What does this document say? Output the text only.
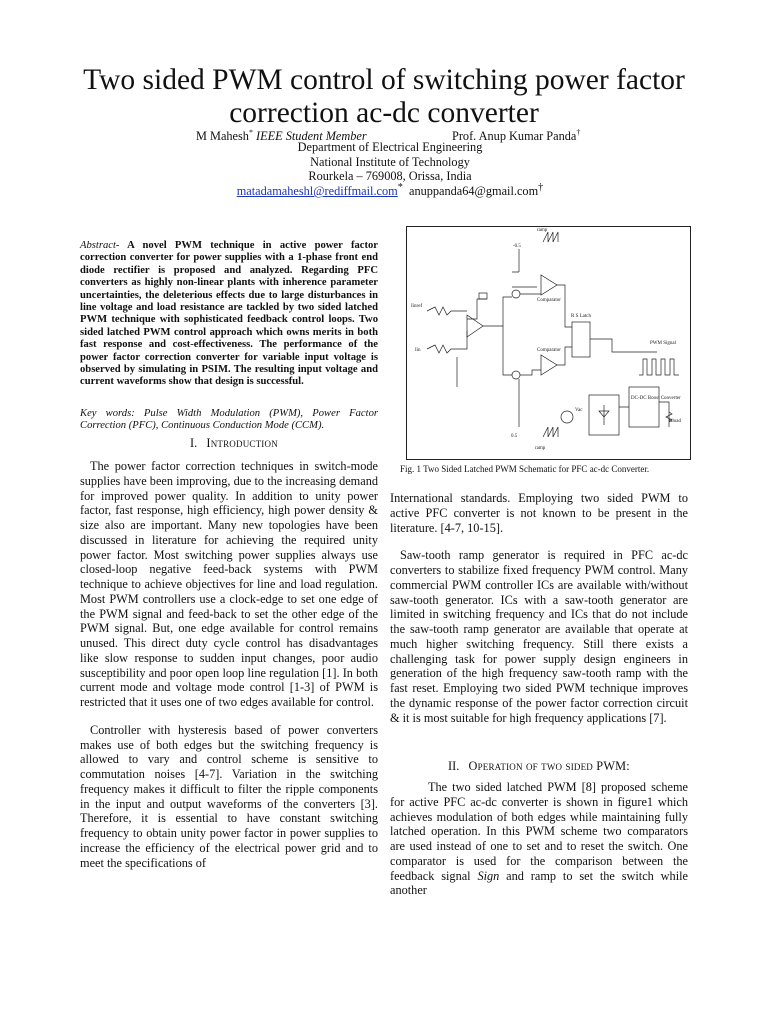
Two sided PWM control of switching power factor
correction ac-dc converter
M Mahesh* IEEE Student Member	Prof. Anup Kumar Panda†
Department of Electrical Engineering
National Institute of Technology
Rourkela – 769008, Orissa, India
matadamaheshl@rediffmail.com* anuppanda64@gmail.com†
Abstract- A novel PWM technique in active power factor correction converter for power supplies with a 1-phase front end diode rectifier is proposed and analyzed. Regarding PFC converters as highly non-linear plants with inherence parameter uncertainties, the deleterious effects due to large disturbances in line voltage and load resistance are tackled by two sided latched PWM technique with sophisticated feedback control loops. Two sided latched PWM control approach which owns merits in both fast response and cost-effectiveness. The performance of the power factor correction converter for variable input voltage is observed by simulating in PSIM. The resulting input voltage and current waveforms show that design is successful.
Key words: Pulse Width Modulation (PWM), Power Factor Correction (PFC), Continuous Conduction Mode (CCM).
I. Introduction

The power factor correction techniques in switch-mode supplies have been improving, due to the increasing demand for improved power quality. In addition to unity power factor, fast response, high efficiency, high power density & size also are important. Many new topologies have been discussed in literature for achieving the required unity power factor. Most switching power supplies always use closed-loop negative feed-back systems with PWM technique to achieve objectives for line and load regulation. Most PWM controllers use a clock-edge to set one edge of the PWM signal and feed-back to set the other edge of the PWM signal. But, one edge available for control remains unused. This direct duty cycle control has disadvantages like slow response to sudden input changes, poor audio susceptibility and poor open loop line regulation [1]. In both current mode and voltage mode control [1-3] of PWM is restricted that it uses one of two edges available for control.

Controller with hysteresis based of power converters makes use of both edges but the switching frequency is allowed to vary and control scheme is sensitive to commutation noises [4-7]. Variation in the switching frequency makes it difficult to filter the ripple components in the input and output waveforms of the converters [3]. Therefore, it is essential to have constant switching frequency to obtain unity power factor in power supplies to increase the efficiency of the electrical power grid and to meet the specifications of

ramp
-0.5
Iinref
Iin
Comparator
R S Latch
PWM Signal
Comparator
0.5
ramp
Vac
DC-DC Boost Converter
Rload
Fig. 1 Two Sided Latched PWM Schematic for PFC ac-dc Converter.

International standards. Employing two sided PWM to active PFC converter is not known to be present in the literature. [4-7, 10-15].

Saw-tooth ramp generator is required in PFC ac-dc converters to stabilize fixed frequency PWM control. Many commercial PWM controller ICs are available with/without saw-tooth generator. ICs with a saw-tooth generator are limited in switching frequency and ICs that do not include the saw-tooth ramp generator are available that operate at much higher switching frequency. Still there exists a challenging task for power supply design engineers in generation of the high frequency saw-tooth ramp with the fast reset. Employing two sided PWM technique improves the dynamic response of the power factor correction circuit & it is most suitable for high frequency applications [7].

II. Operation of two sided PWM:

The two sided latched PWM [8] proposed scheme for active PFC ac-dc converter is shown in figure1 which achieves modulation of both edges while maintaining fully latched operation. In this PWM scheme two comparators are used instead of one to set and to reset the switch. One comparator is used for the comparison between the feedback signal Sign and ramp to set the switch while another
